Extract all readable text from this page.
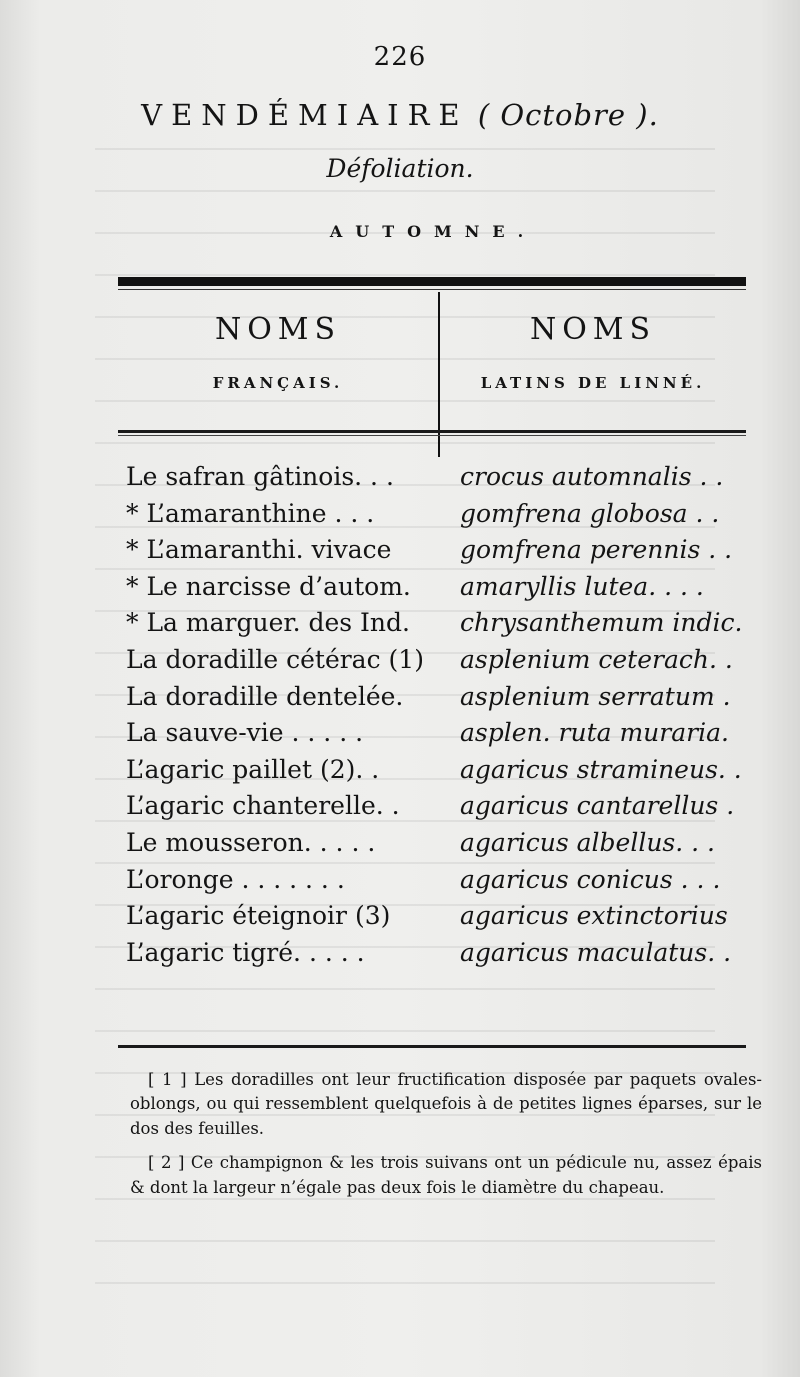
226
VENDÉMIAIRE ( Octobre ).
Défoliation.
AUTOMNE.
NOMS	NOMS
FRANÇAIS.	LATINS DE LINNÉ.
Le safran gâtinois. . .	crocus automnalis . .
* L’amaranthine . . .	gomfrena globosa . .
* L’amaranthi. vivace	gomfrena perennis . .
* Le narcisse d’autom.	amaryllis lutea. . . .
* La marguer. des Ind.	chrysanthemum indic.
La doradille cétérac (1)	asplenium ceterach. .
La doradille dentelée.	asplenium serratum .
La sauve-vie . . . . .	asplen. ruta muraria.
L’agaric paillet (2). .	agaricus stramineus. .
L’agaric chanterelle. .	agaricus cantarellus .
Le mousseron. . . . .	agaricus albellus. . .
L’oronge . . . . . . .	agaricus conicus . . .
L’agaric éteignoir (3)	agaricus extinctorius
L’agaric tigré. . . . .	agaricus maculatus. .

[ 1 ] Les doradilles ont leur fructification disposée par paquets ovales-oblongs, ou qui ressemblent quelquefois à de petites lignes éparses, sur le dos des feuilles.

[ 2 ] Ce champignon & les trois suivans ont un pédicule nu, assez épais & dont la largeur n’égale pas deux fois le diamètre du chapeau.
